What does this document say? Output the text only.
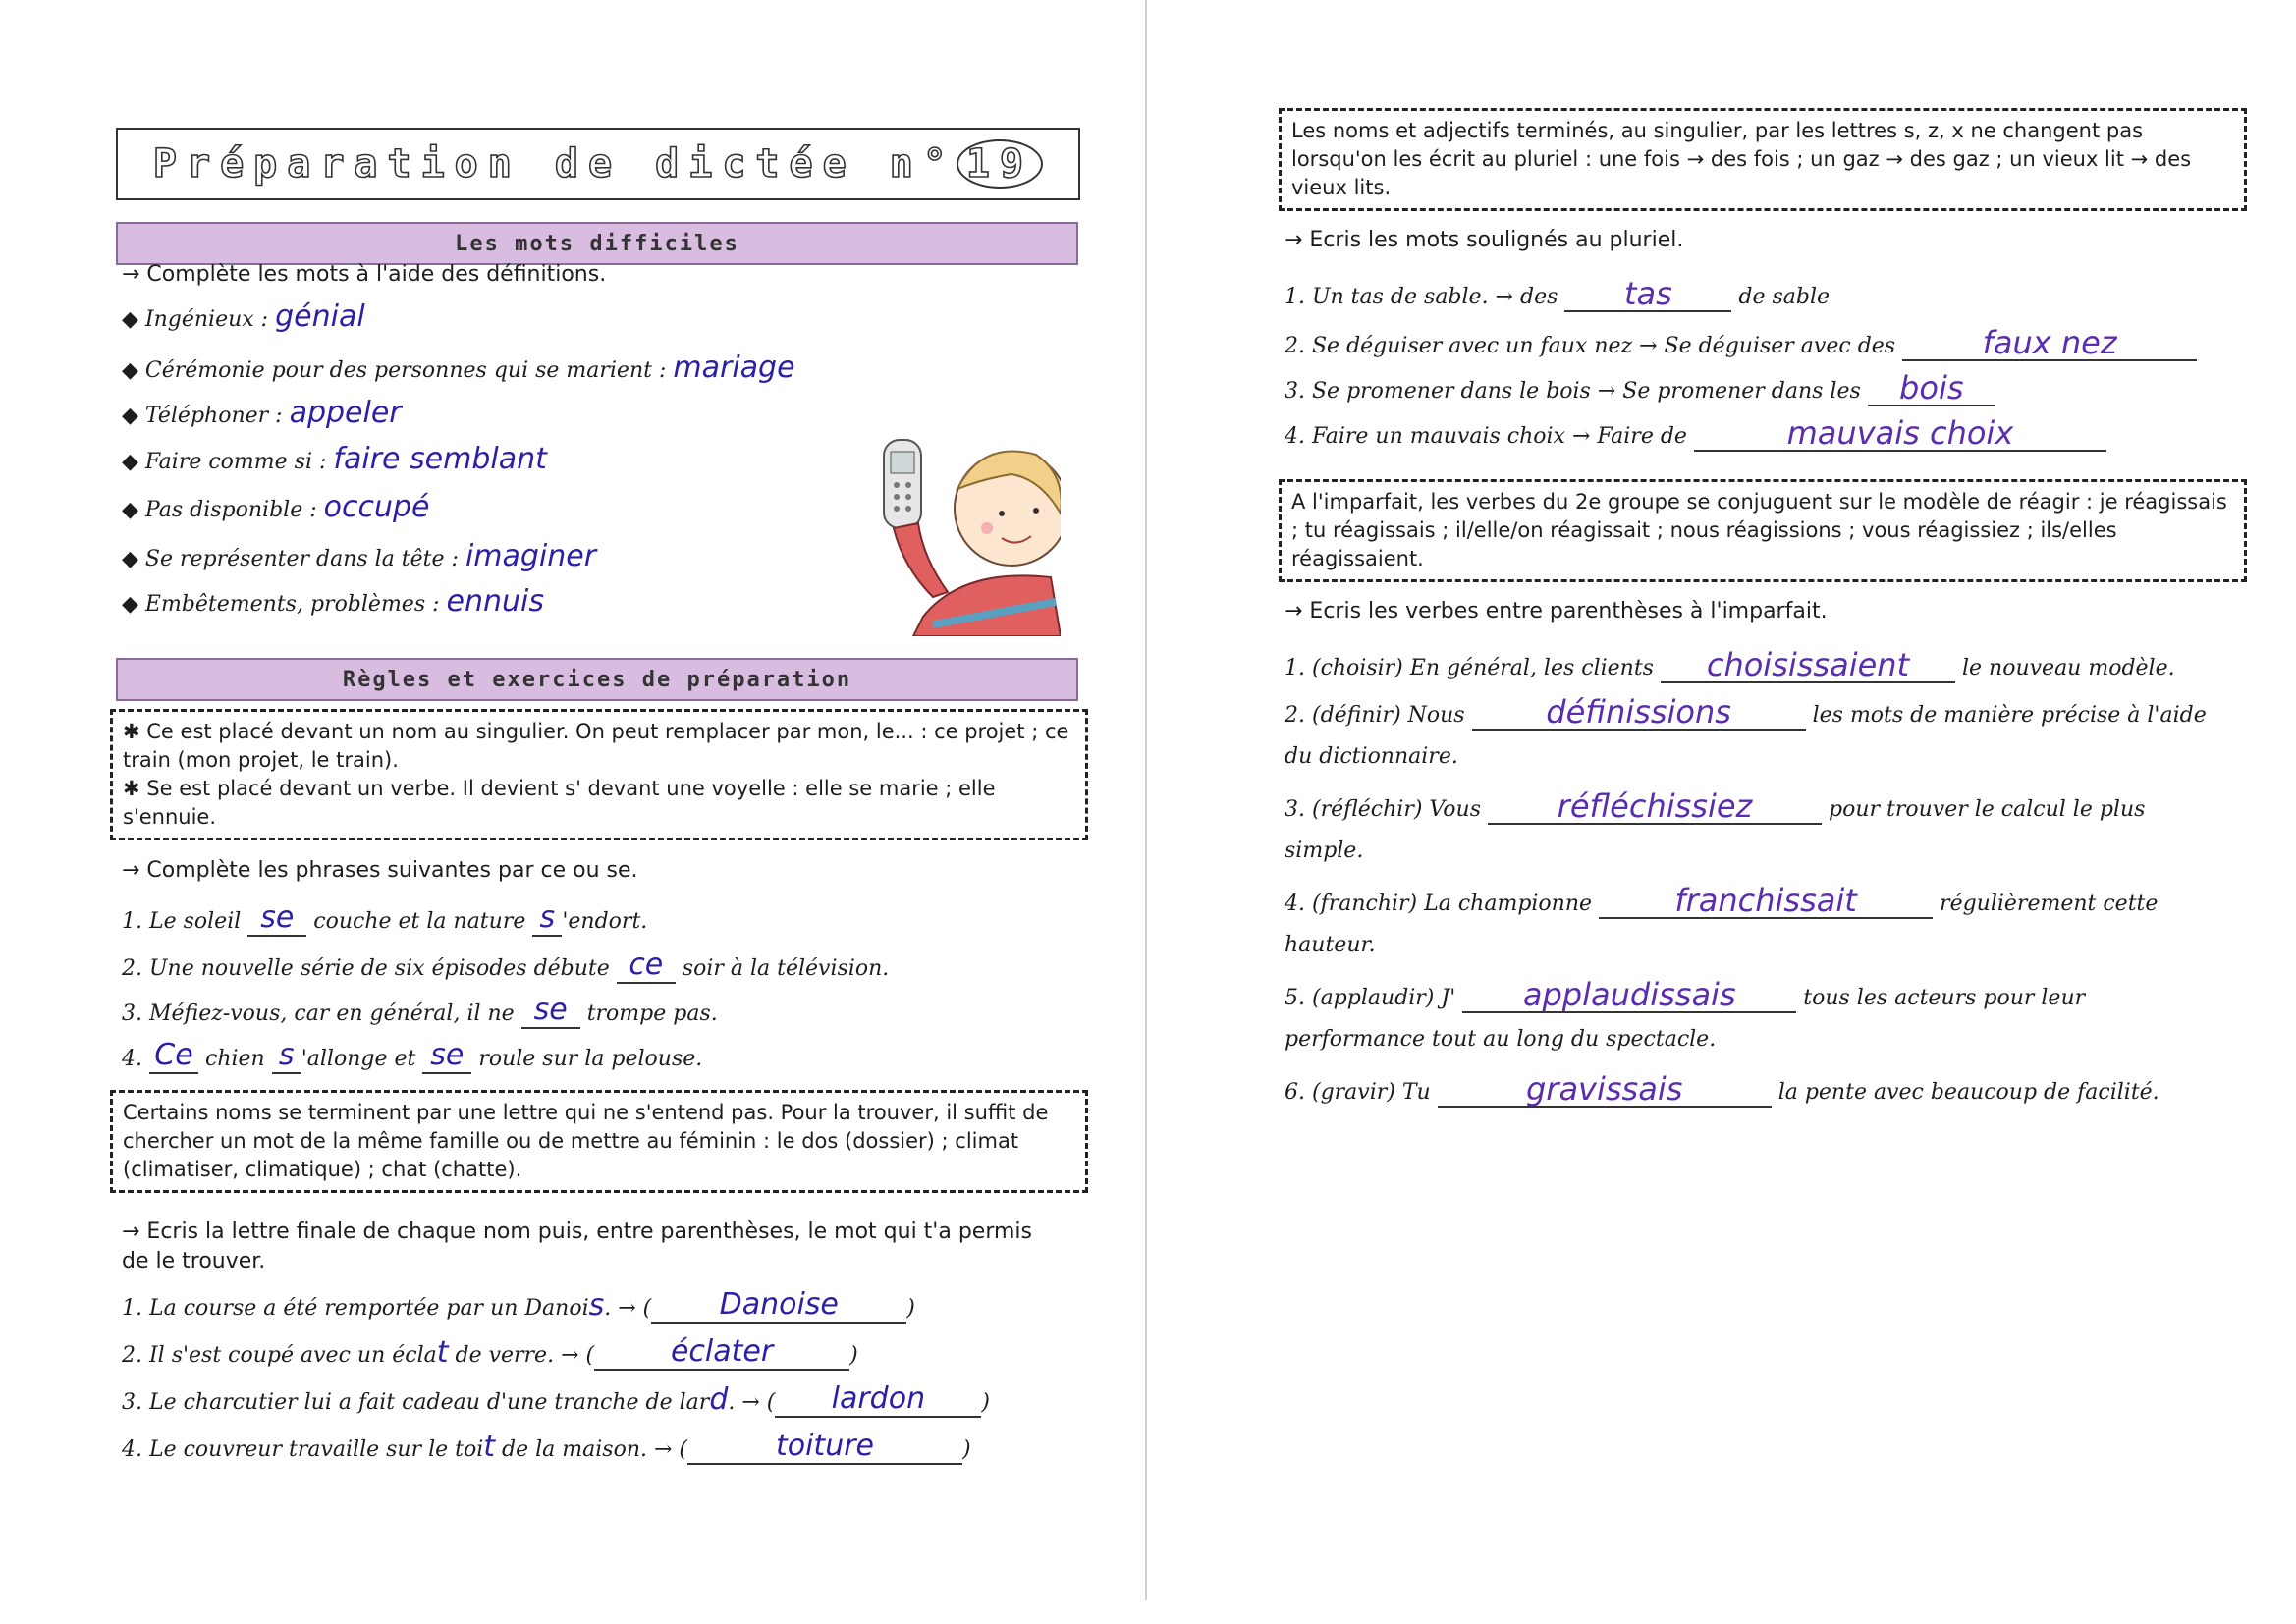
Préparation de dictée n° 19
Les mots difficiles
→ Complète les mots à l'aide des définitions.
◆ Ingénieux : génial
◆ Cérémonie pour des personnes qui se marient : mariage
◆ Téléphoner : appeler
◆ Faire comme si : faire semblant
◆ Pas disponible : occupé
◆ Se représenter dans la tête : imaginer
◆ Embêtements, problèmes : ennuis
Règles et exercices de préparation
✱ Ce est placé devant un nom au singulier. On peut remplacer par mon, le... : ce projet ; ce train (mon projet, le train).
✱ Se est placé devant un verbe. Il devient s' devant une voyelle : elle se marie ; elle s'ennuie.
→ Complète les phrases suivantes par ce ou se.
1. Le soleil se couche et la nature s 'endort.
2. Une nouvelle série de six épisodes débute ce soir à la télévision.
3. Méfiez-vous, car en général, il ne se trompe pas.
4. Ce chien s 'allonge et se roule sur la pelouse.
Certains noms se terminent par une lettre qui ne s'entend pas. Pour la trouver, il suffit de chercher un mot de la même famille ou de mettre au féminin : le dos (dossier) ; climat (climatiser, climatique) ; chat (chatte).
→ Ecris la lettre finale de chaque nom puis, entre parenthèses, le mot qui t'a permis de le trouver.
1. La course a été remportée par un Danois. → ( Danoise	)
2. Il s'est coupé avec un éclat de verre. → (	éclater	)
3. Le charcutier lui a fait cadeau d'une tranche de lard. → ( lardon	)
4. Le couvreur travaille sur le toit de la maison. → (	toiture	)
Les noms et adjectifs terminés, au singulier, par les lettres s, z, x ne changent pas lorsqu'on les écrit au pluriel : une fois → des fois ; un gaz → des gaz ; un vieux lit → des vieux lits.
→ Ecris les mots soulignés au pluriel.
1. Un tas de sable. → des tas	de sable
2. Se déguiser avec un faux nez → Se déguiser avec des	faux nez
3. Se promener dans le bois → Se promener dans les bois
4. Faire un mauvais choix → Faire de	mauvais choix
A l'imparfait, les verbes du 2e groupe se conjuguent sur le modèle de réagir : je réagissais ; tu réagissais ; il/elle/on réagissait ; nous réagissions ; vous réagissiez ; ils/elles réagissaient.
→ Ecris les verbes entre parenthèses à l'imparfait.
1. (choisir) En général, les clients choisissaient le nouveau modèle.
2. (définir) Nous	définissions	les mots de manière précise à l'aide
du dictionnaire.
3. (réfléchir) Vous réfléchissiez	pour trouver le calcul le plus
simple.
4. (franchir) La championne	franchissait	régulièrement cette
hauteur.
5. (applaudir) J' applaudissais	tous les acteurs pour leur
performance tout au long du spectacle.
6. (gravir) Tu	gravissais	la pente avec beaucoup de facilité.
